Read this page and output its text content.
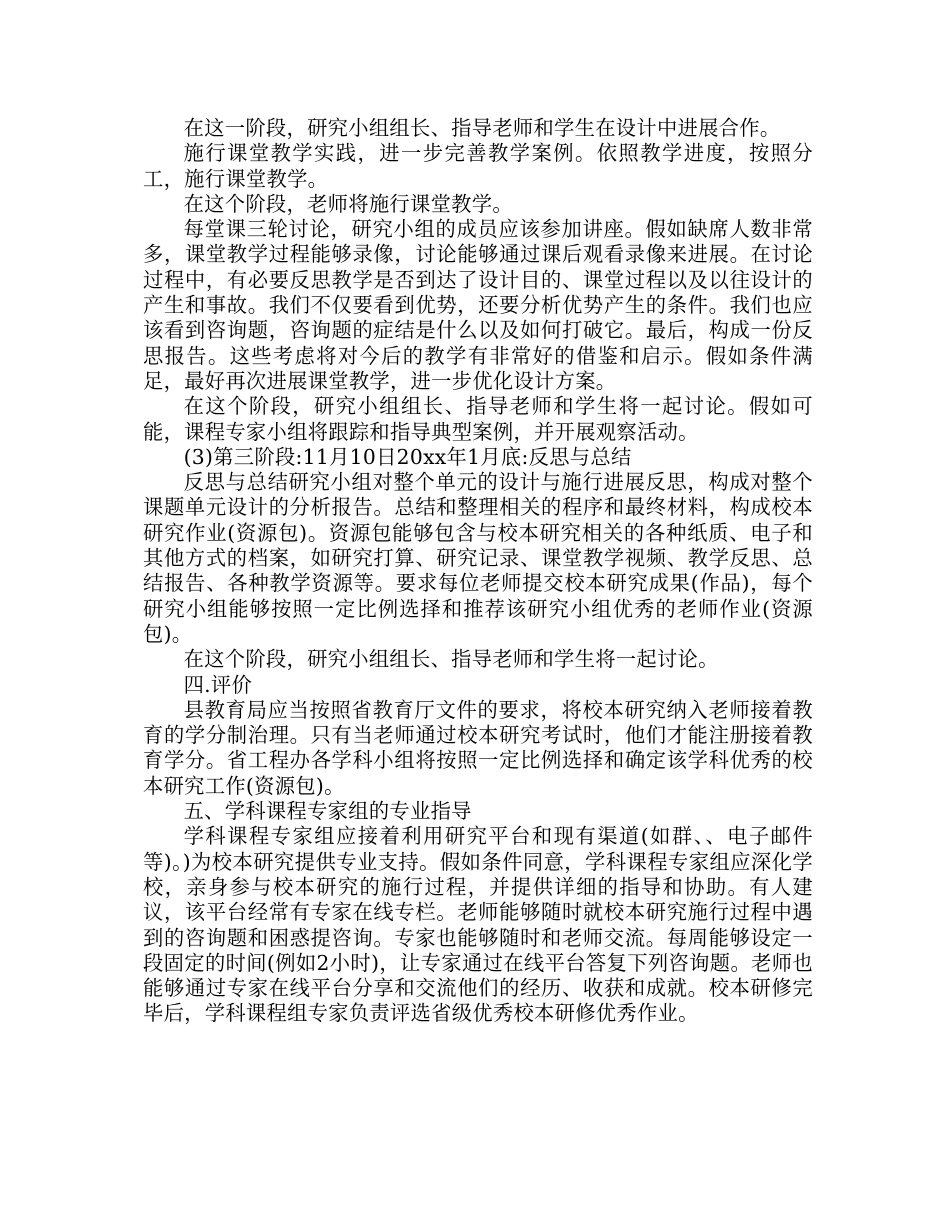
在这一阶段，研究小组组长、指导老师和学生在设计中进展合作。

施行课堂教学实践，进一步完善教学案例。依照教学进度，按照分工，施行课堂教学。

在这个阶段，老师将施行课堂教学。

每堂课三轮讨论，研究小组的成员应该参加讲座。假如缺席人数非常多，课堂教学过程能够录像，讨论能够通过课后观看录像来进展。在讨论过程中，有必要反思教学是否到达了设计目的、课堂过程以及以往设计的产生和事故。我们不仅要看到优势，还要分析优势产生的条件。我们也应该看到咨询题，咨询题的症结是什么以及如何打破它。最后，构成一份反思报告。这些考虑将对今后的教学有非常好的借鉴和启示。假如条件满足，最好再次进展课堂教学，进一步优化设计方案。

在这个阶段，研究小组组长、指导老师和学生将一起讨论。假如可能，课程专家小组将跟踪和指导典型案例，并开展观察活动。

(3)第三阶段:11月10日20xx年1月底:反思与总结

反思与总结研究小组对整个单元的设计与施行进展反思，构成对整个课题单元设计的分析报告。总结和整理相关的程序和最终材料，构成校本研究作业(资源包)。资源包能够包含与校本研究相关的各种纸质、电子和其他方式的档案，如研究打算、研究记录、课堂教学视频、教学反思、总结报告、各种教学资源等。要求每位老师提交校本研究成果(作品)，每个研究小组能够按照一定比例选择和推荐该研究小组优秀的老师作业(资源包)。

在这个阶段，研究小组组长、指导老师和学生将一起讨论。

四.评价

县教育局应当按照省教育厅文件的要求，将校本研究纳入老师接着教育的学分制治理。只有当老师通过校本研究考试时，他们才能注册接着教育学分。省工程办各学科小组将按照一定比例选择和确定该学科优秀的校本研究工作(资源包)。

五、学科课程专家组的专业指导

学科课程专家组应接着利用研究平台和现有渠道(如群、、电子邮件等)。)为校本研究提供专业支持。假如条件同意，学科课程专家组应深化学校，亲身参与校本研究的施行过程，并提供详细的指导和协助。有人建议，该平台经常有专家在线专栏。老师能够随时就校本研究施行过程中遇到的咨询题和困惑提咨询。专家也能够随时和老师交流。每周能够设定一段固定的时间(例如2小时)，让专家通过在线平台答复下列咨询题。老师也能够通过专家在线平台分享和交流他们的经历、收获和成就。校本研修完毕后，学科课程组专家负责评选省级优秀校本研修优秀作业。
